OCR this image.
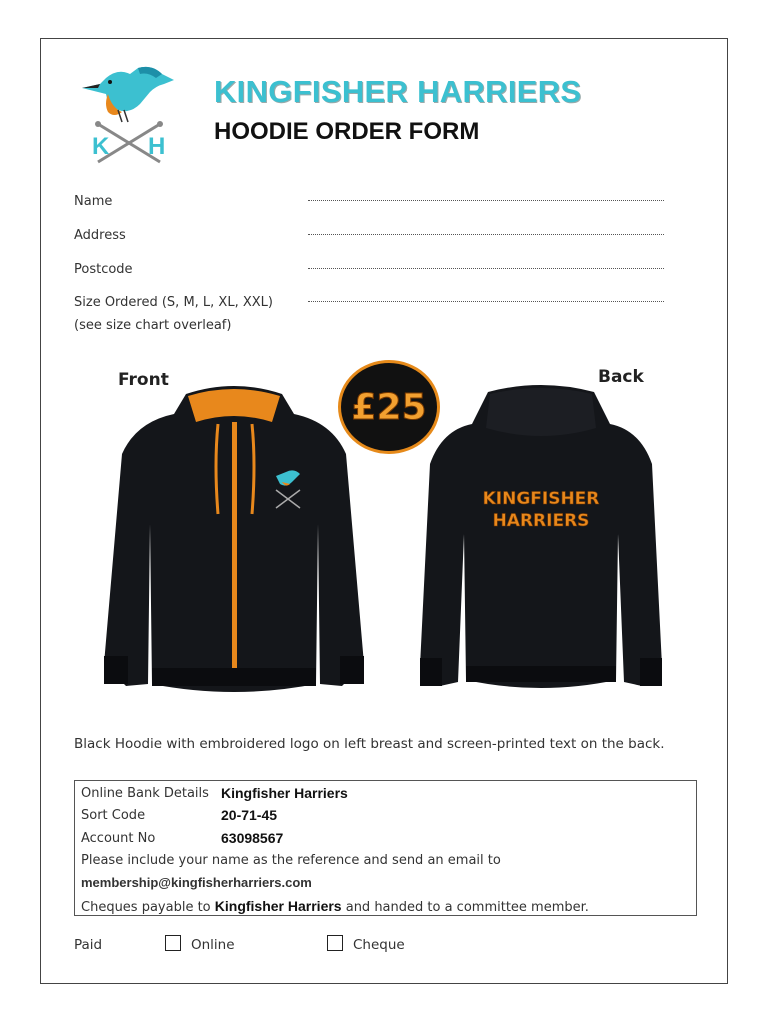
K H
KINGFISHER HARRIERS
HOODIE ORDER FORM
Name
Address
Postcode
Size Ordered (S, M, L, XL, XXL)
(see size chart overleaf)
Front	Back
£25
KINGFISHER
HARRIERS
Black Hoodie with embroidered logo on left breast and screen-printed text on the back.
Online Bank Details Kingfisher Harriers
Sort Code	20-71-45
Account No	63098567
Please include your name as the reference and send an email to
membership@kingfisherharriers.com
Cheques payable to Kingfisher Harriers and handed to a committee member.
Paid	Online	Cheque
